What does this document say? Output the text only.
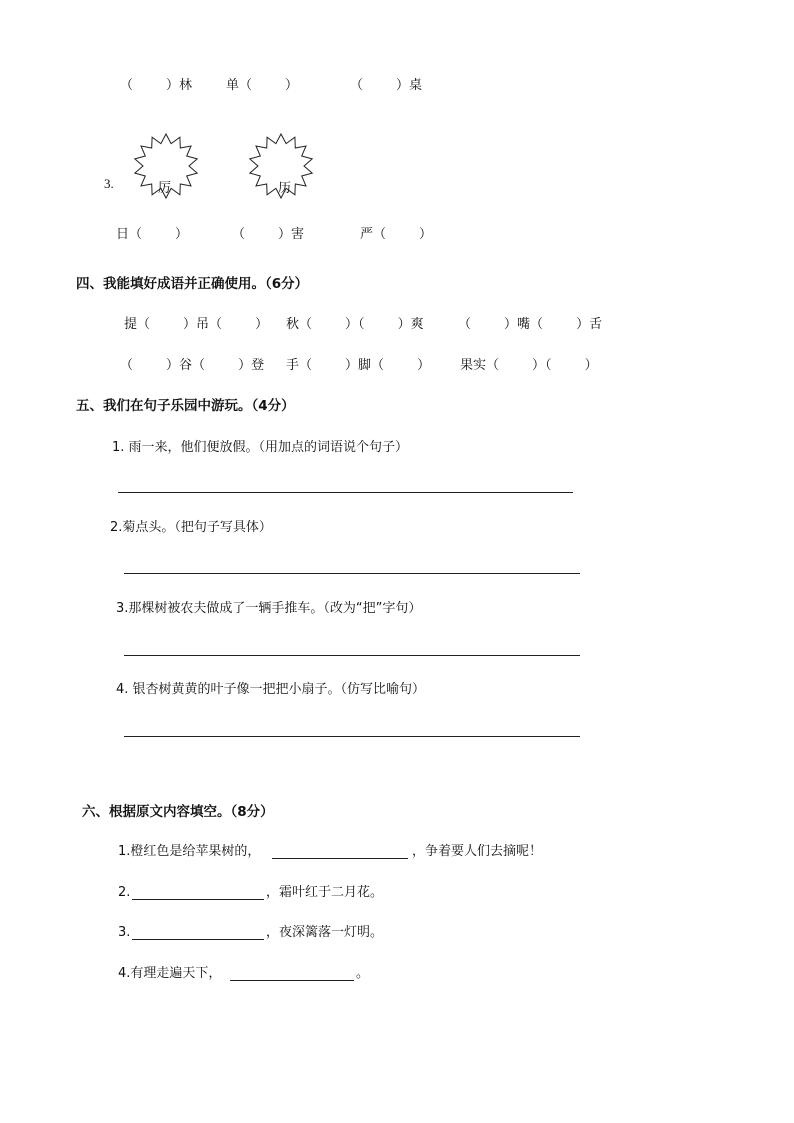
（        ）林	单（        ）	（        ）桌
3.	厉	历
日（        ）	（        ）害	严（        ）
四、我能填好成语并正确使用。（6分）
提（        ）吊（        ） 秋（        ）（        ）爽	（        ）嘴（        ）舌
（        ）谷（        ）登 手（        ）脚（        ） 果实（        ）（        ）
五、我们在句子乐园中游玩。（4分）
1. 雨一来，他们便放假。（用加点的词语说个句子）
2.菊点头。（把句子写具体）
3.那棵树被农夫做成了一辆手推车。（改为“把”字句）
4. 银杏树黄黄的叶子像一把把小扇子。（仿写比喻句）
六、根据原文内容填空。（8分）
1.橙红色是给苹果树的，	，争着要人们去摘呢！
2.	，霜叶红于二月花。
3.	，夜深篱落一灯明。
4.有理走遍天下，	。
